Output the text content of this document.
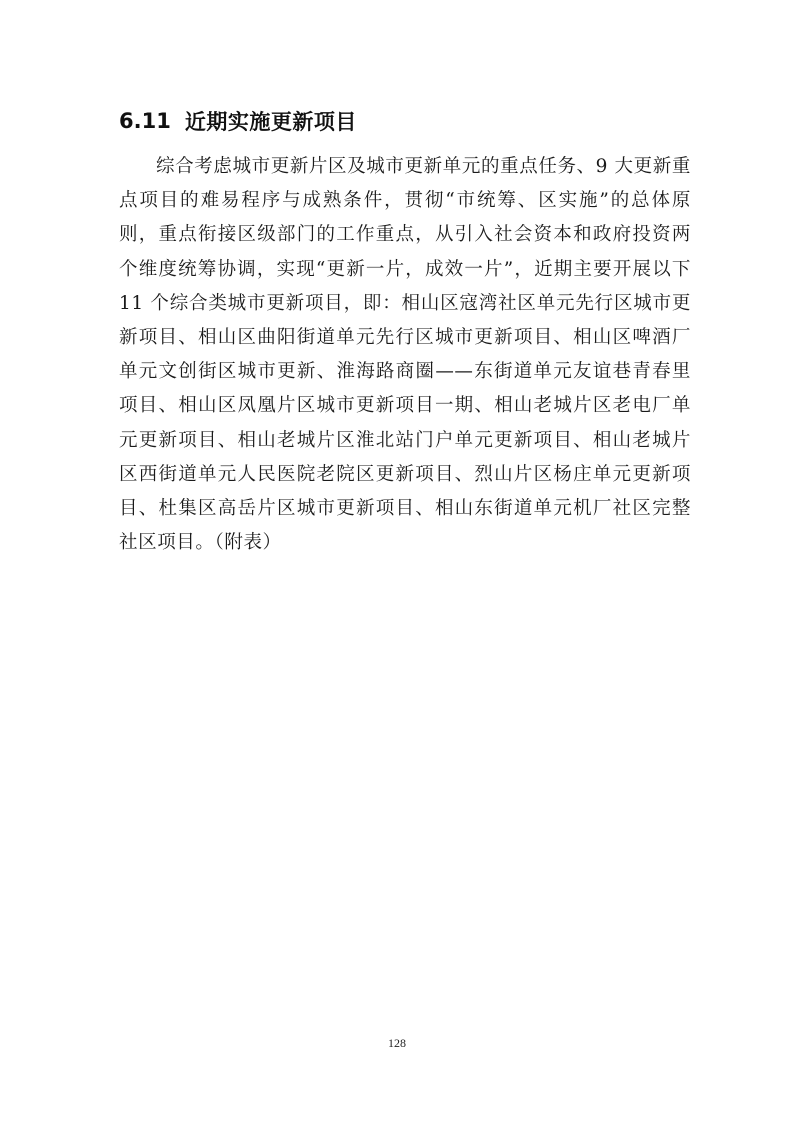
6.11 近期实施更新项目

综合考虑城市更新片区及城市更新单元的重点任务、9 大更新重点项目的难易程序与成熟条件，贯彻“市统筹、区实施”的总体原则，重点衔接区级部门的工作重点，从引入社会资本和政府投资两个维度统筹协调，实现“更新一片，成效一片”，近期主要开展以下 11 个综合类城市更新项目，即：相山区寇湾社区单元先行区城市更新项目、相山区曲阳街道单元先行区城市更新项目、相山区啤酒厂单元文创街区城市更新、淮海路商圈——东街道单元友谊巷青春里项目、相山区凤凰片区城市更新项目一期、相山老城片区老电厂单元更新项目、相山老城片区淮北站门户单元更新项目、相山老城片区西街道单元人民医院老院区更新项目、烈山片区杨庄单元更新项目、杜集区高岳片区城市更新项目、相山东街道单元机厂社区完整社区项目。（附表）

128
